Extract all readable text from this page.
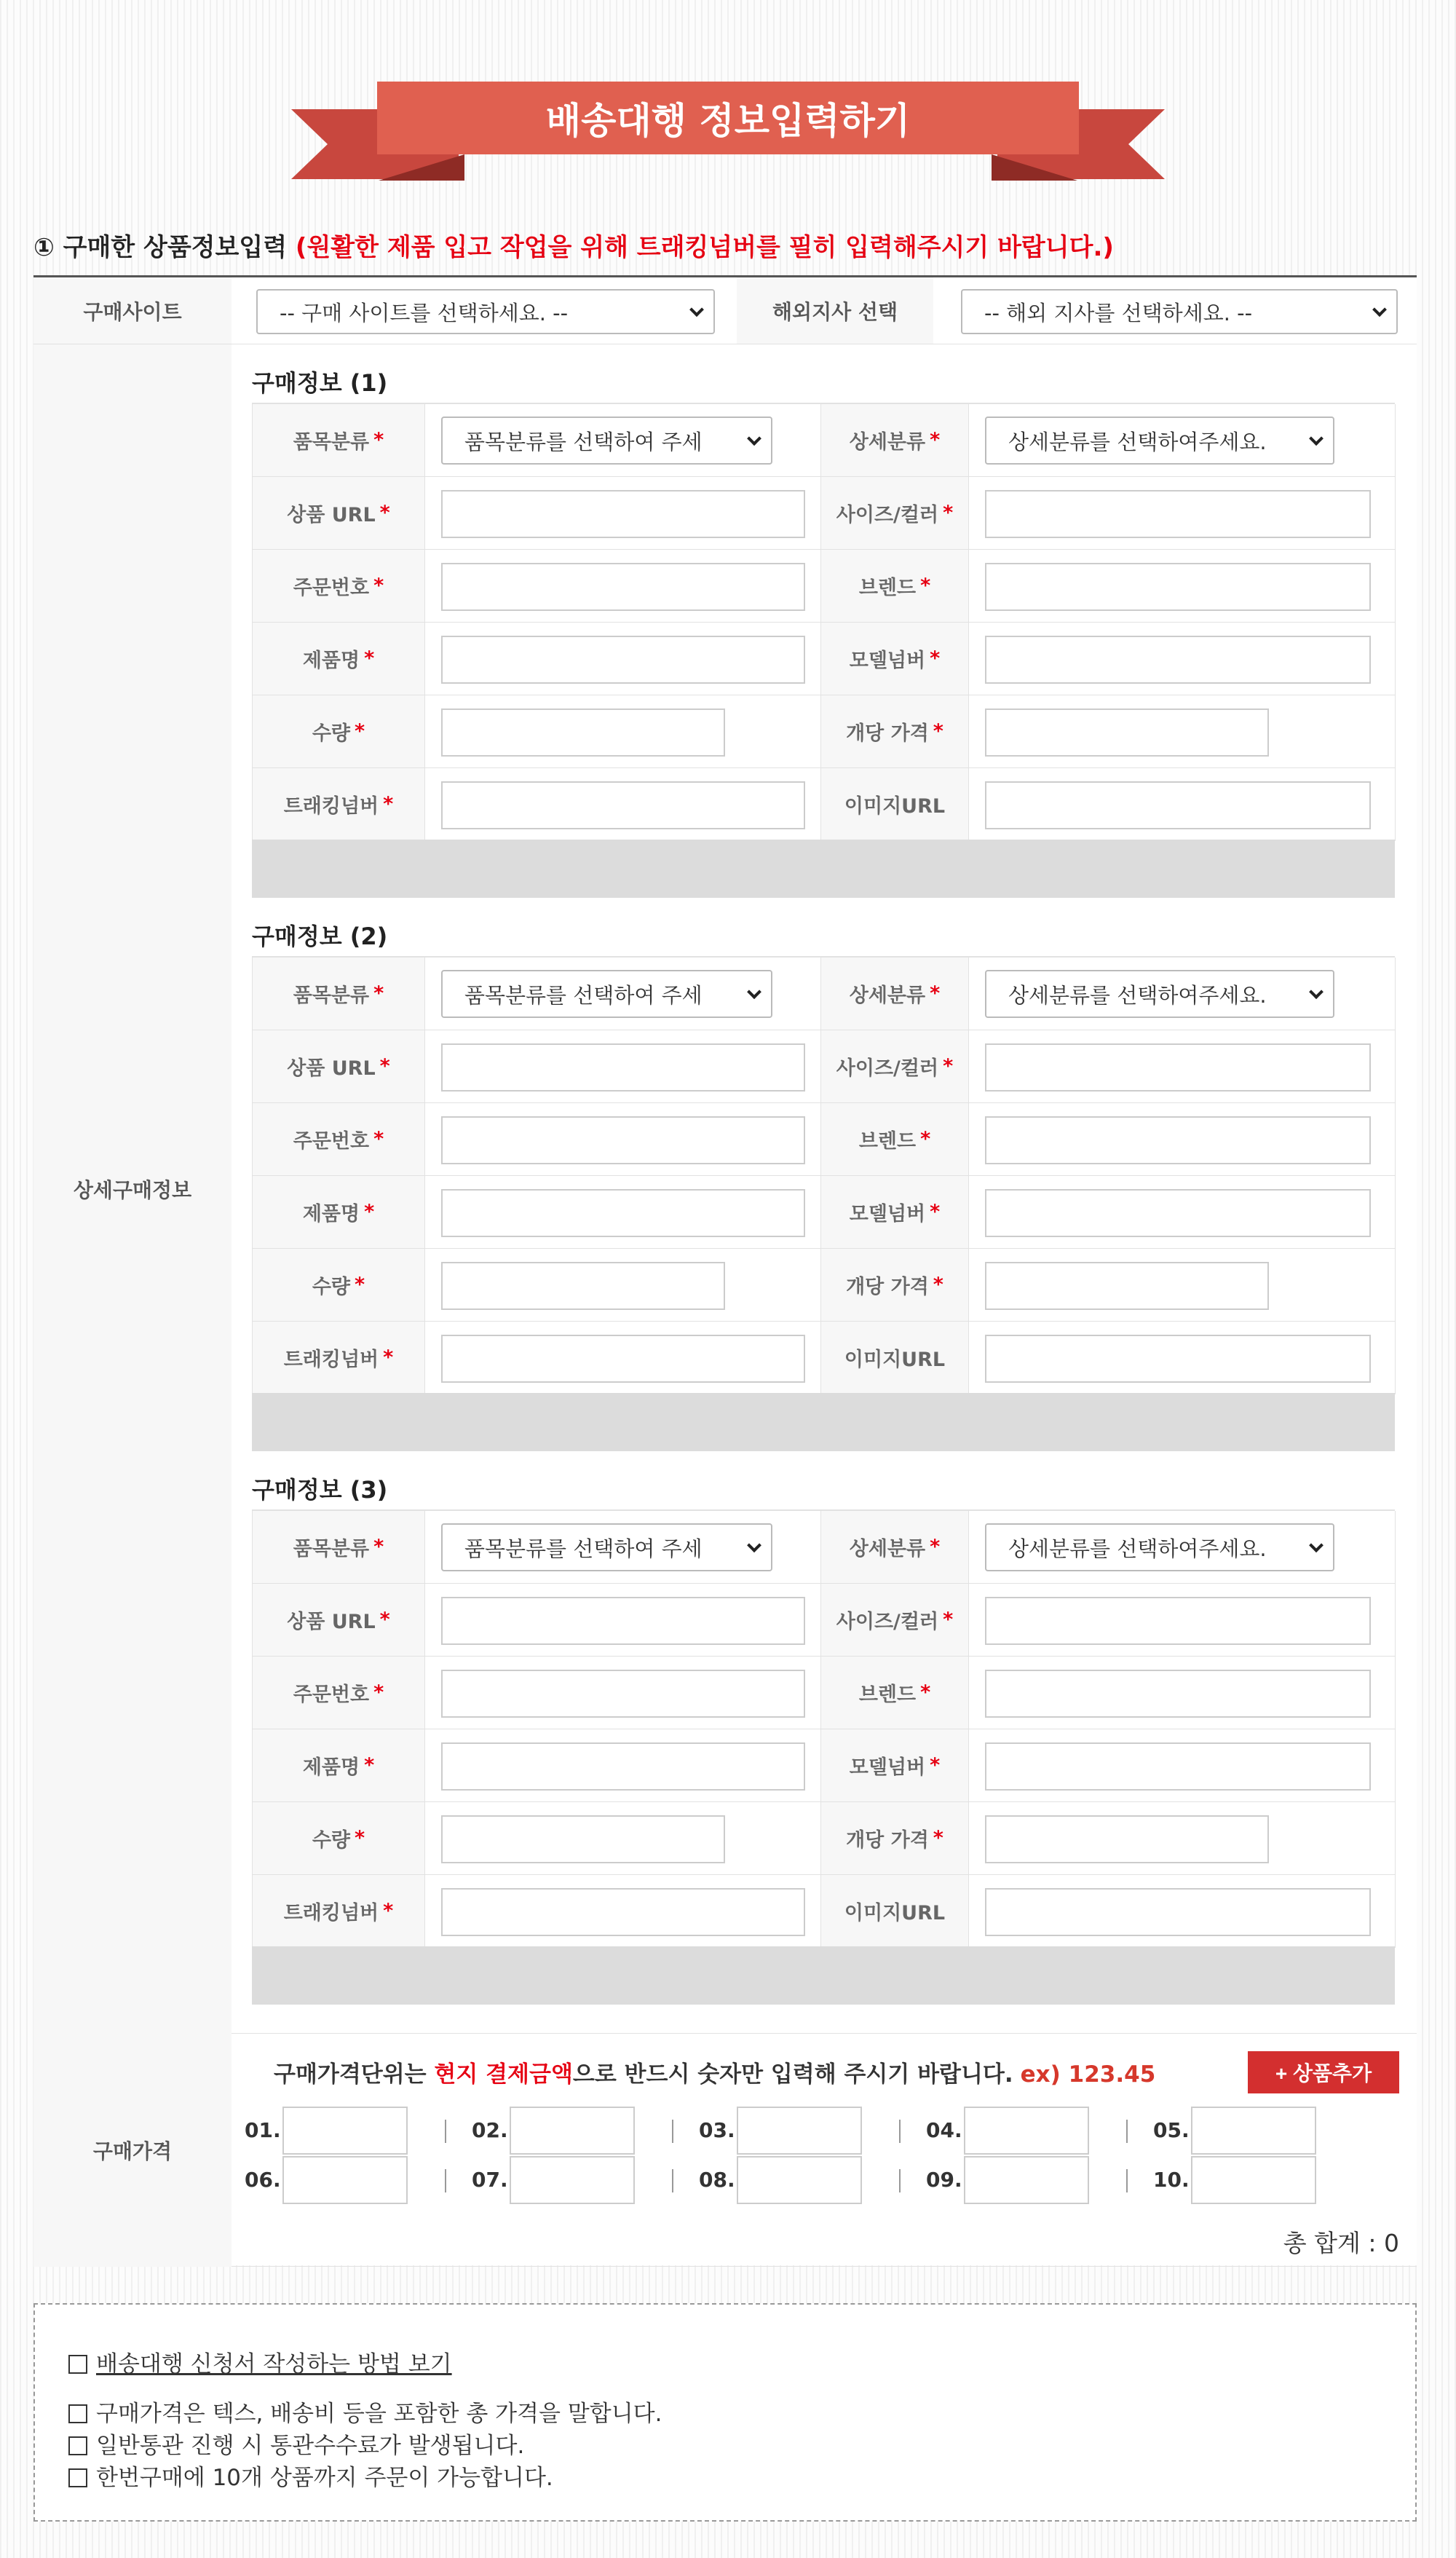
배송대행 정보입력하기
① 구매한 상품정보입력 (원활한 제품 입고 작업을 위해 트래킹넘버를 필히 입력해주시기 바랍니다.)
구매사이트	-- 구매 사이트를 선택하세요. --	해외지사 선택	-- 해외 지사를 선택하세요. --
상세구매정보
구매정보 (1)
품목분류 *	품목분류를 선택하여 주세	상세분류 *	상세분류를 선택하여주세요.
상품 URL *	사이즈/컬러 *
주문번호 *	브렌드 *
제품명 *	모델넘버 *
수량 *	개당 가격 *
트래킹넘버 *	이미지URL
구매정보 (2)
품목분류 *	품목분류를 선택하여 주세	상세분류 *	상세분류를 선택하여주세요.
상품 URL *	사이즈/컬러 *
주문번호 *	브렌드 *
제품명 *	모델넘버 *
수량 *	개당 가격 *
트래킹넘버 *	이미지URL
구매정보 (3)
품목분류 *	품목분류를 선택하여 주세	상세분류 *	상세분류를 선택하여주세요.
상품 URL *	사이즈/컬러 *
주문번호 *	브렌드 *
제품명 *	모델넘버 *
수량 *	개당 가격 *
트래킹넘버 *	이미지URL
구매가격
구매가격단위는 현지 결제금액으로 반드시 숫자만 입력해 주시기 바랍니다. ex) 123.45	+ 상품추가
01.	02.	03.	04.	05.
06.	07.	08.	09.	10.
총 합계 : 0
배송대행 신청서 작성하는 방법 보기
구매가격은 텍스, 배송비 등을 포함한 총 가격을 말합니다.
일반통관 진행 시 통관수수료가 발생됩니다.
한번구매에 10개 상품까지 주문이 가능합니다.
